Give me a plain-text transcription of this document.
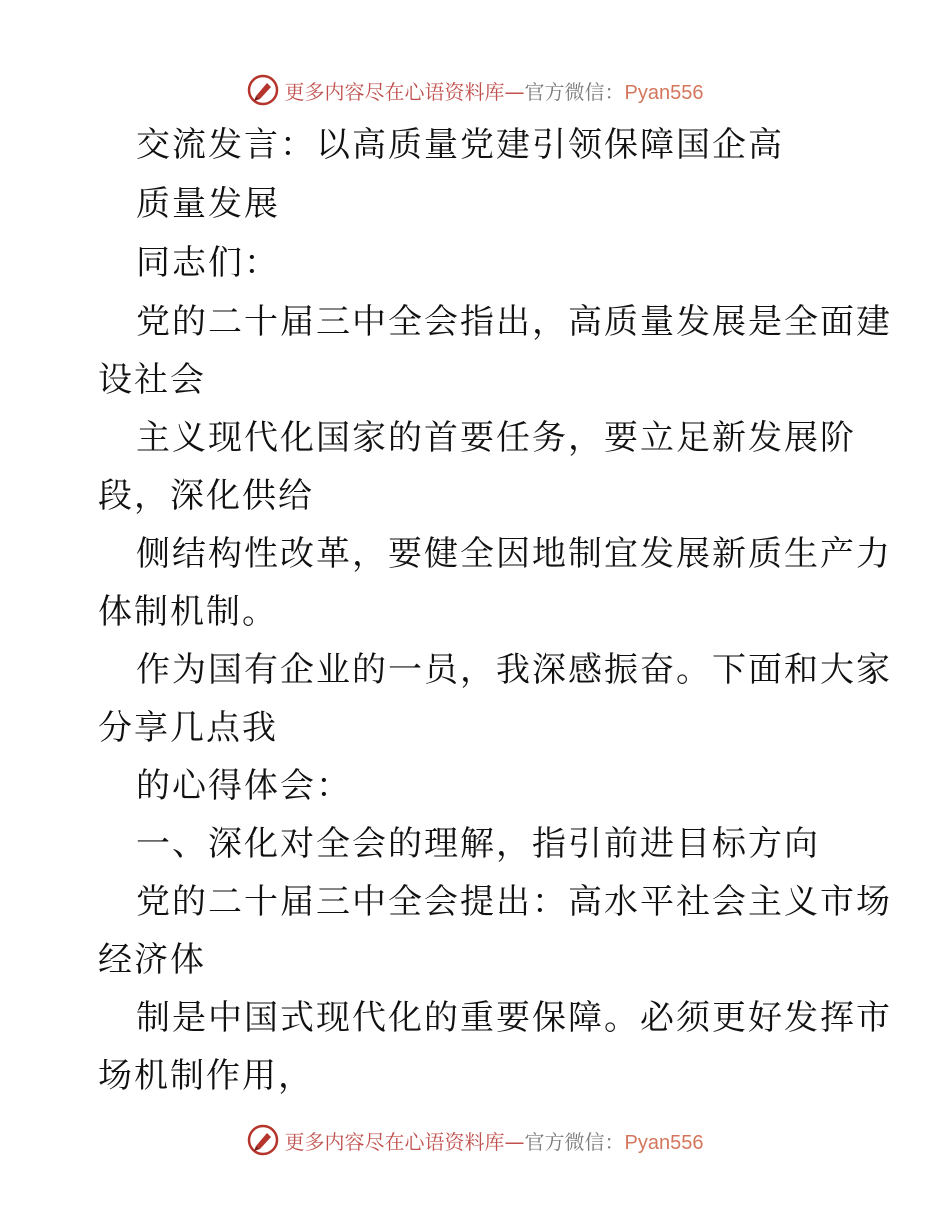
更多内容尽在心语资料库—官方微信：Pyan556
交流发言：以高质量党建引领保障国企高
质量发展
同志们：
党的二十届三中全会指出，高质量发展是全面建
设社会
主义现代化国家的首要任务，要立足新发展阶
段，深化供给
侧结构性改革，要健全因地制宜发展新质生产力
体制机制。
作为国有企业的一员，我深感振奋。下面和大家
分享几点我
的心得体会：
一、深化对全会的理解，指引前进目标方向
党的二十届三中全会提出：高水平社会主义市场
经济体
制是中国式现代化的重要保障。必须更好发挥市
场机制作用，
更多内容尽在心语资料库—官方微信：Pyan556
